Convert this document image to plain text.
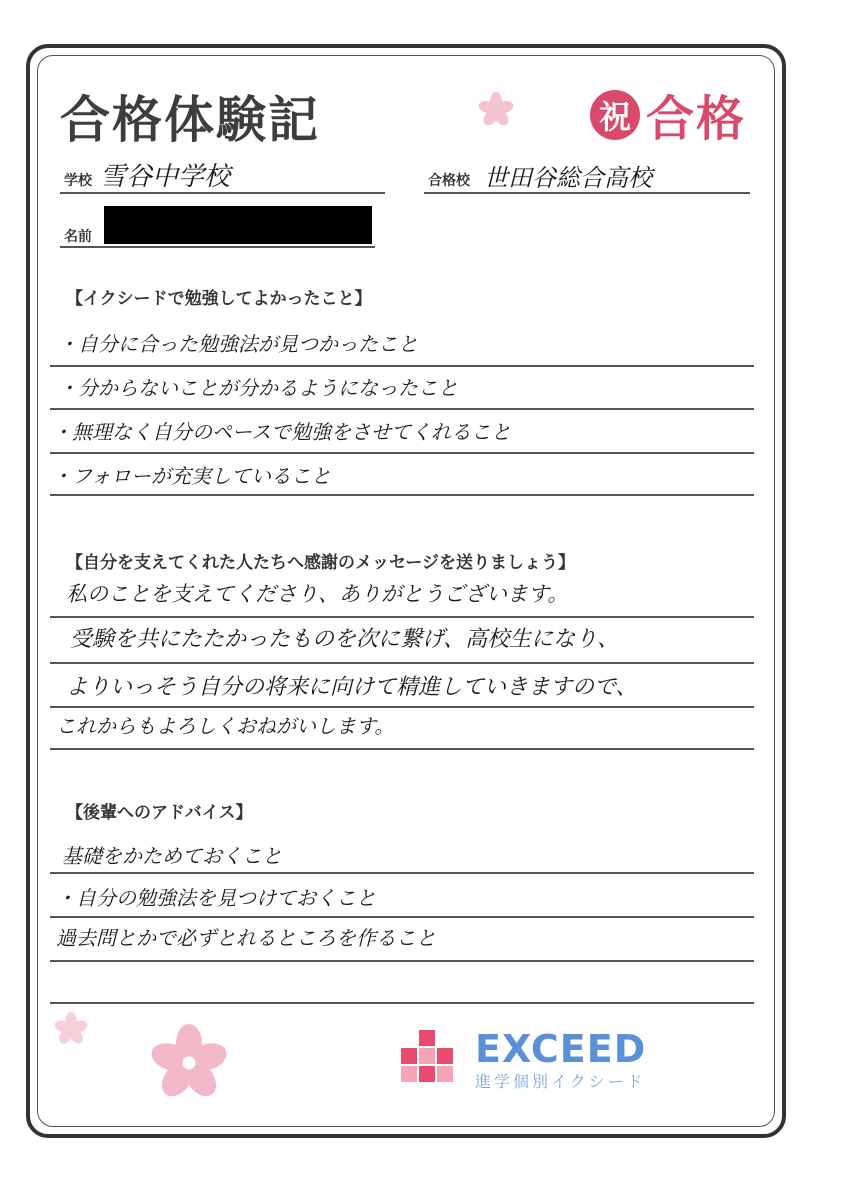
合格体験記	祝 合格
学校 雪谷中学校	合格校 世田谷総合高校
名前
【イクシードで勉強してよかったこと】
・自分に合った勉強法が見つかったこと
・分からないことが分かるようになったこと
・無理なく自分のペースで勉強をさせてくれること
・フォローが充実していること
【自分を支えてくれた人たちへ感謝のメッセージを送りましょう】
私のことを支えてくださり、ありがとうございます。
受験を共にたたかったものを次に繋げ、高校生になり、
よりいっそう自分の将来に向けて精進していきますので、
これからもよろしくおねがいします。
【後輩へのアドバイス】
基礎をかためておくこと
・自分の勉強法を見つけておくこと
過去問とかで必ずとれるところを作ること
EXCEED
進学個別イクシード
